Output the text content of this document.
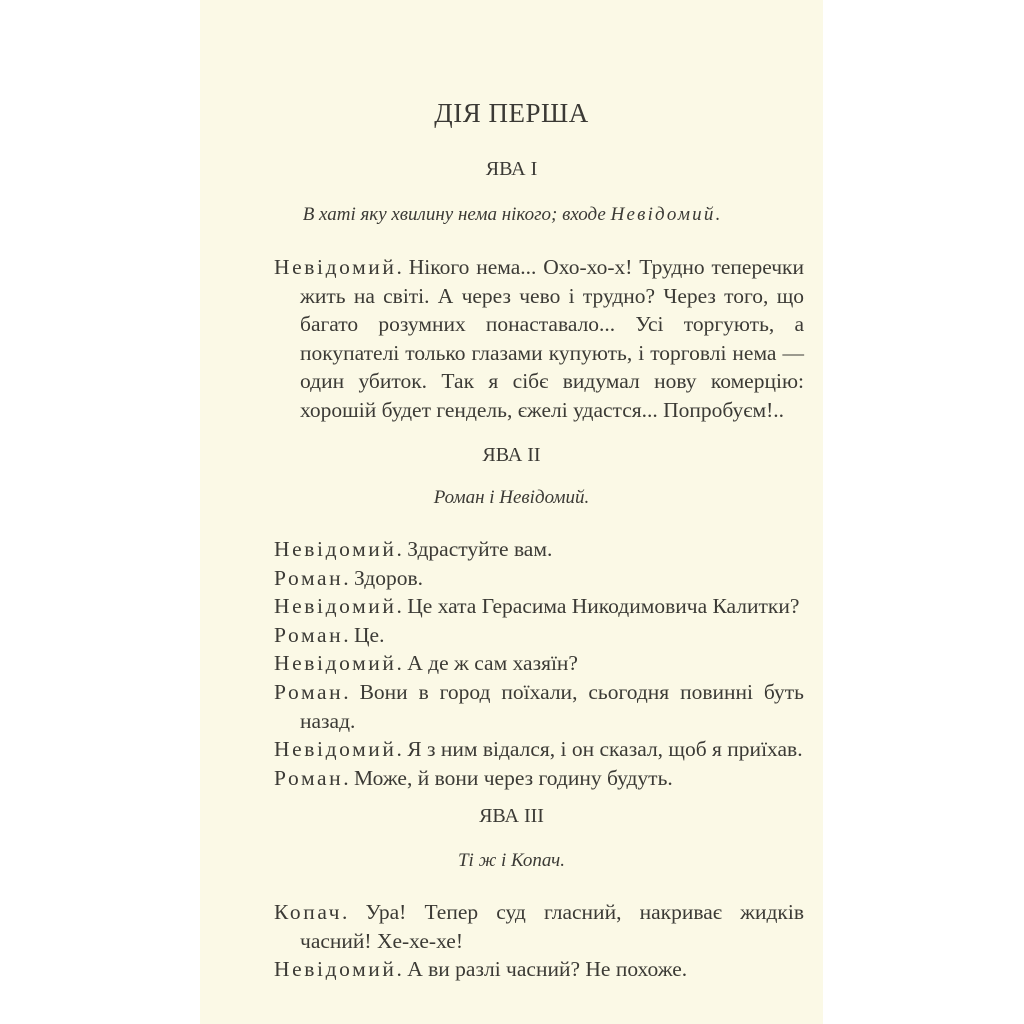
ДІЯ ПЕРША
ЯВА I
В хаті яку хвилину нема нікого; входе Невідомий.
Невідомий. Нікого нема... Охо-хо-х! Трудно теперечки жить на світі. А через чево і трудно? Через того, що багато розумних понаставало... Усі торгують, а покупателі только глазами купують, і торговлі нема — один убиток. Так я сібє видумал нову комерцію: хорошій будет гендель, єжелі удастся... Попробуєм!..
ЯВА II
Роман і Невідомий.
Невідомий. Здрастуйте вам.
Роман. Здоров.
Невідомий. Це хата Герасима Никодимовича Калитки?
Роман. Це.
Невідомий. А де ж сам хазяїн?
Роман. Вони в город поїхали, сьогодня повинні буть назад.
Невідомий. Я з ним відался, і он сказал, щоб я приїхав.
Роман. Може, й вони через годину будуть.
ЯВА III
Ті ж і Копач.
Копач. Ура! Тепер суд гласний, накриває жидків часний! Хе-хе-хе!
Невідомий. А ви разлі часний? Не похоже.
